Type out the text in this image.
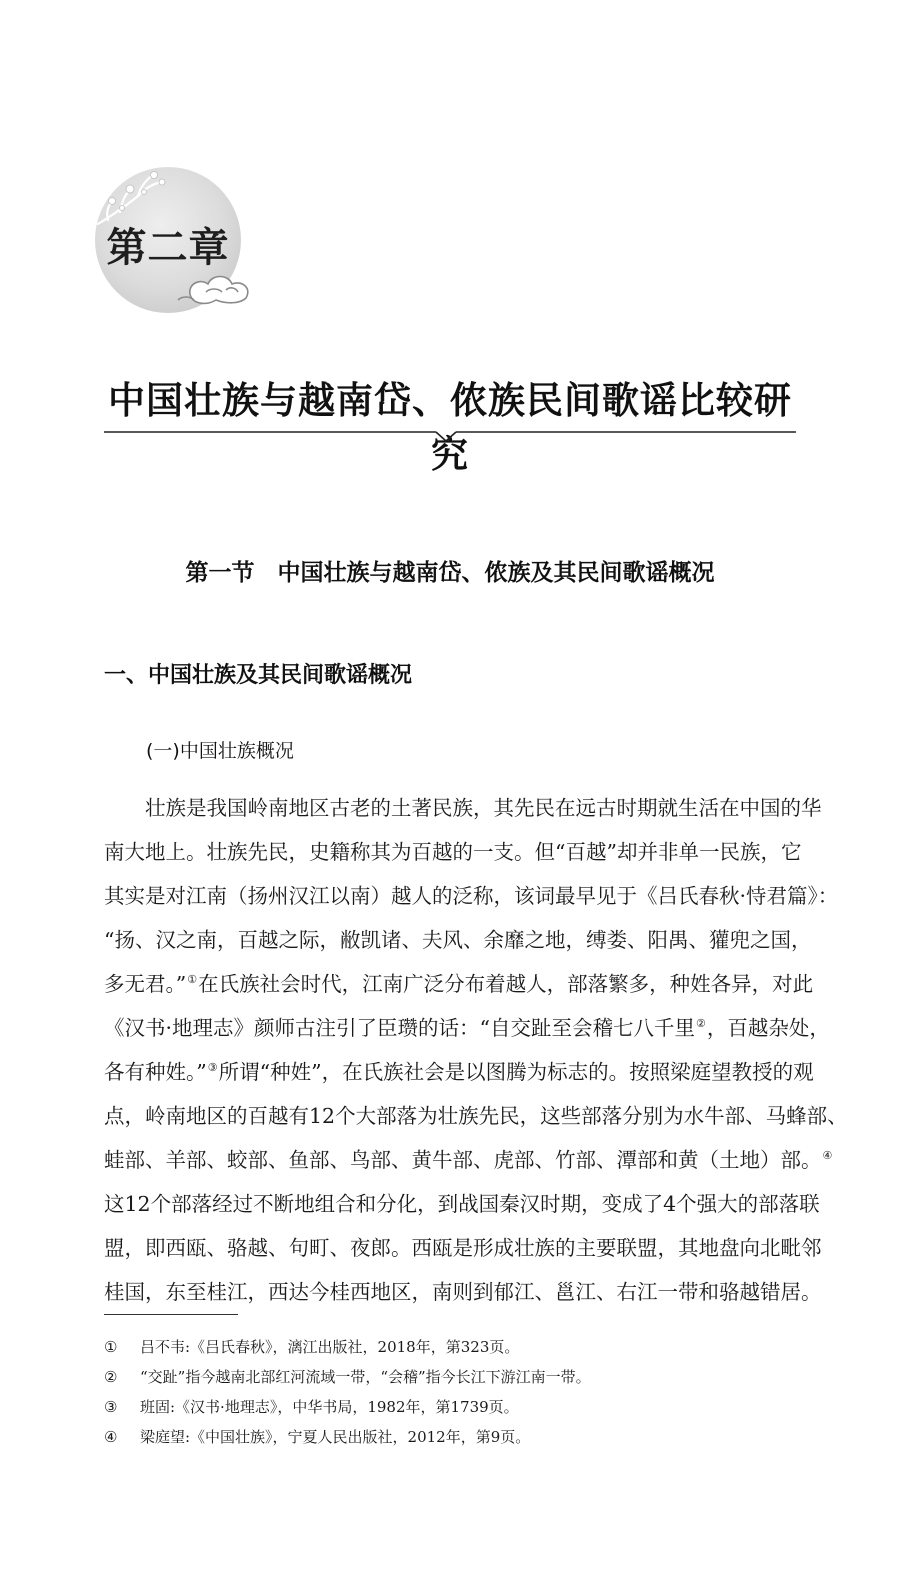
第二章
中国壮族与越南岱、侬族民间歌谣比较研究
第一节　中国壮族与越南岱、侬族及其民间歌谣概况
一、中国壮族及其民间歌谣概况
(一)中国壮族概况
壮族是我国岭南地区古老的土著民族，其先民在远古时期就生活在中国的华
南大地上。壮族先民，史籍称其为百越的一支。但“百越”却并非单一民族，它
其实是对江南（扬州汉江以南）越人的泛称，该词最早见于《吕氏春秋·恃君篇》：
“扬、汉之南，百越之际，敝凯诸、夫风、余靡之地，缚娄、阳禺、獾兜之国，
多无君。”①在氏族社会时代，江南广泛分布着越人，部落繁多，种姓各异，对此
《汉书·地理志》颜师古注引了臣瓒的话：“自交趾至会稽七八千里②，百越杂处，
各有种姓。”③所谓“种姓”，在氏族社会是以图腾为标志的。按照梁庭望教授的观
点，岭南地区的百越有12个大部落为壮族先民，这些部落分别为水牛部、马蜂部、
蛙部、羊部、蛟部、鱼部、鸟部、黄牛部、虎部、竹部、潭部和黄（土地）部。④
这12个部落经过不断地组合和分化，到战国秦汉时期，变成了4个强大的部落联
盟，即西瓯、骆越、句町、夜郎。西瓯是形成壮族的主要联盟，其地盘向北毗邻
桂国，东至桂江，西达今桂西地区，南则到郁江、邕江、右江一带和骆越错居。
① 吕不韦:《吕氏春秋》，漓江出版社，2018年，第323页。
② “交趾”指今越南北部红河流域一带，“会稽”指今长江下游江南一带。
③ 班固:《汉书·地理志》，中华书局，1982年，第1739页。
④ 梁庭望:《中国壮族》，宁夏人民出版社，2012年，第9页。
